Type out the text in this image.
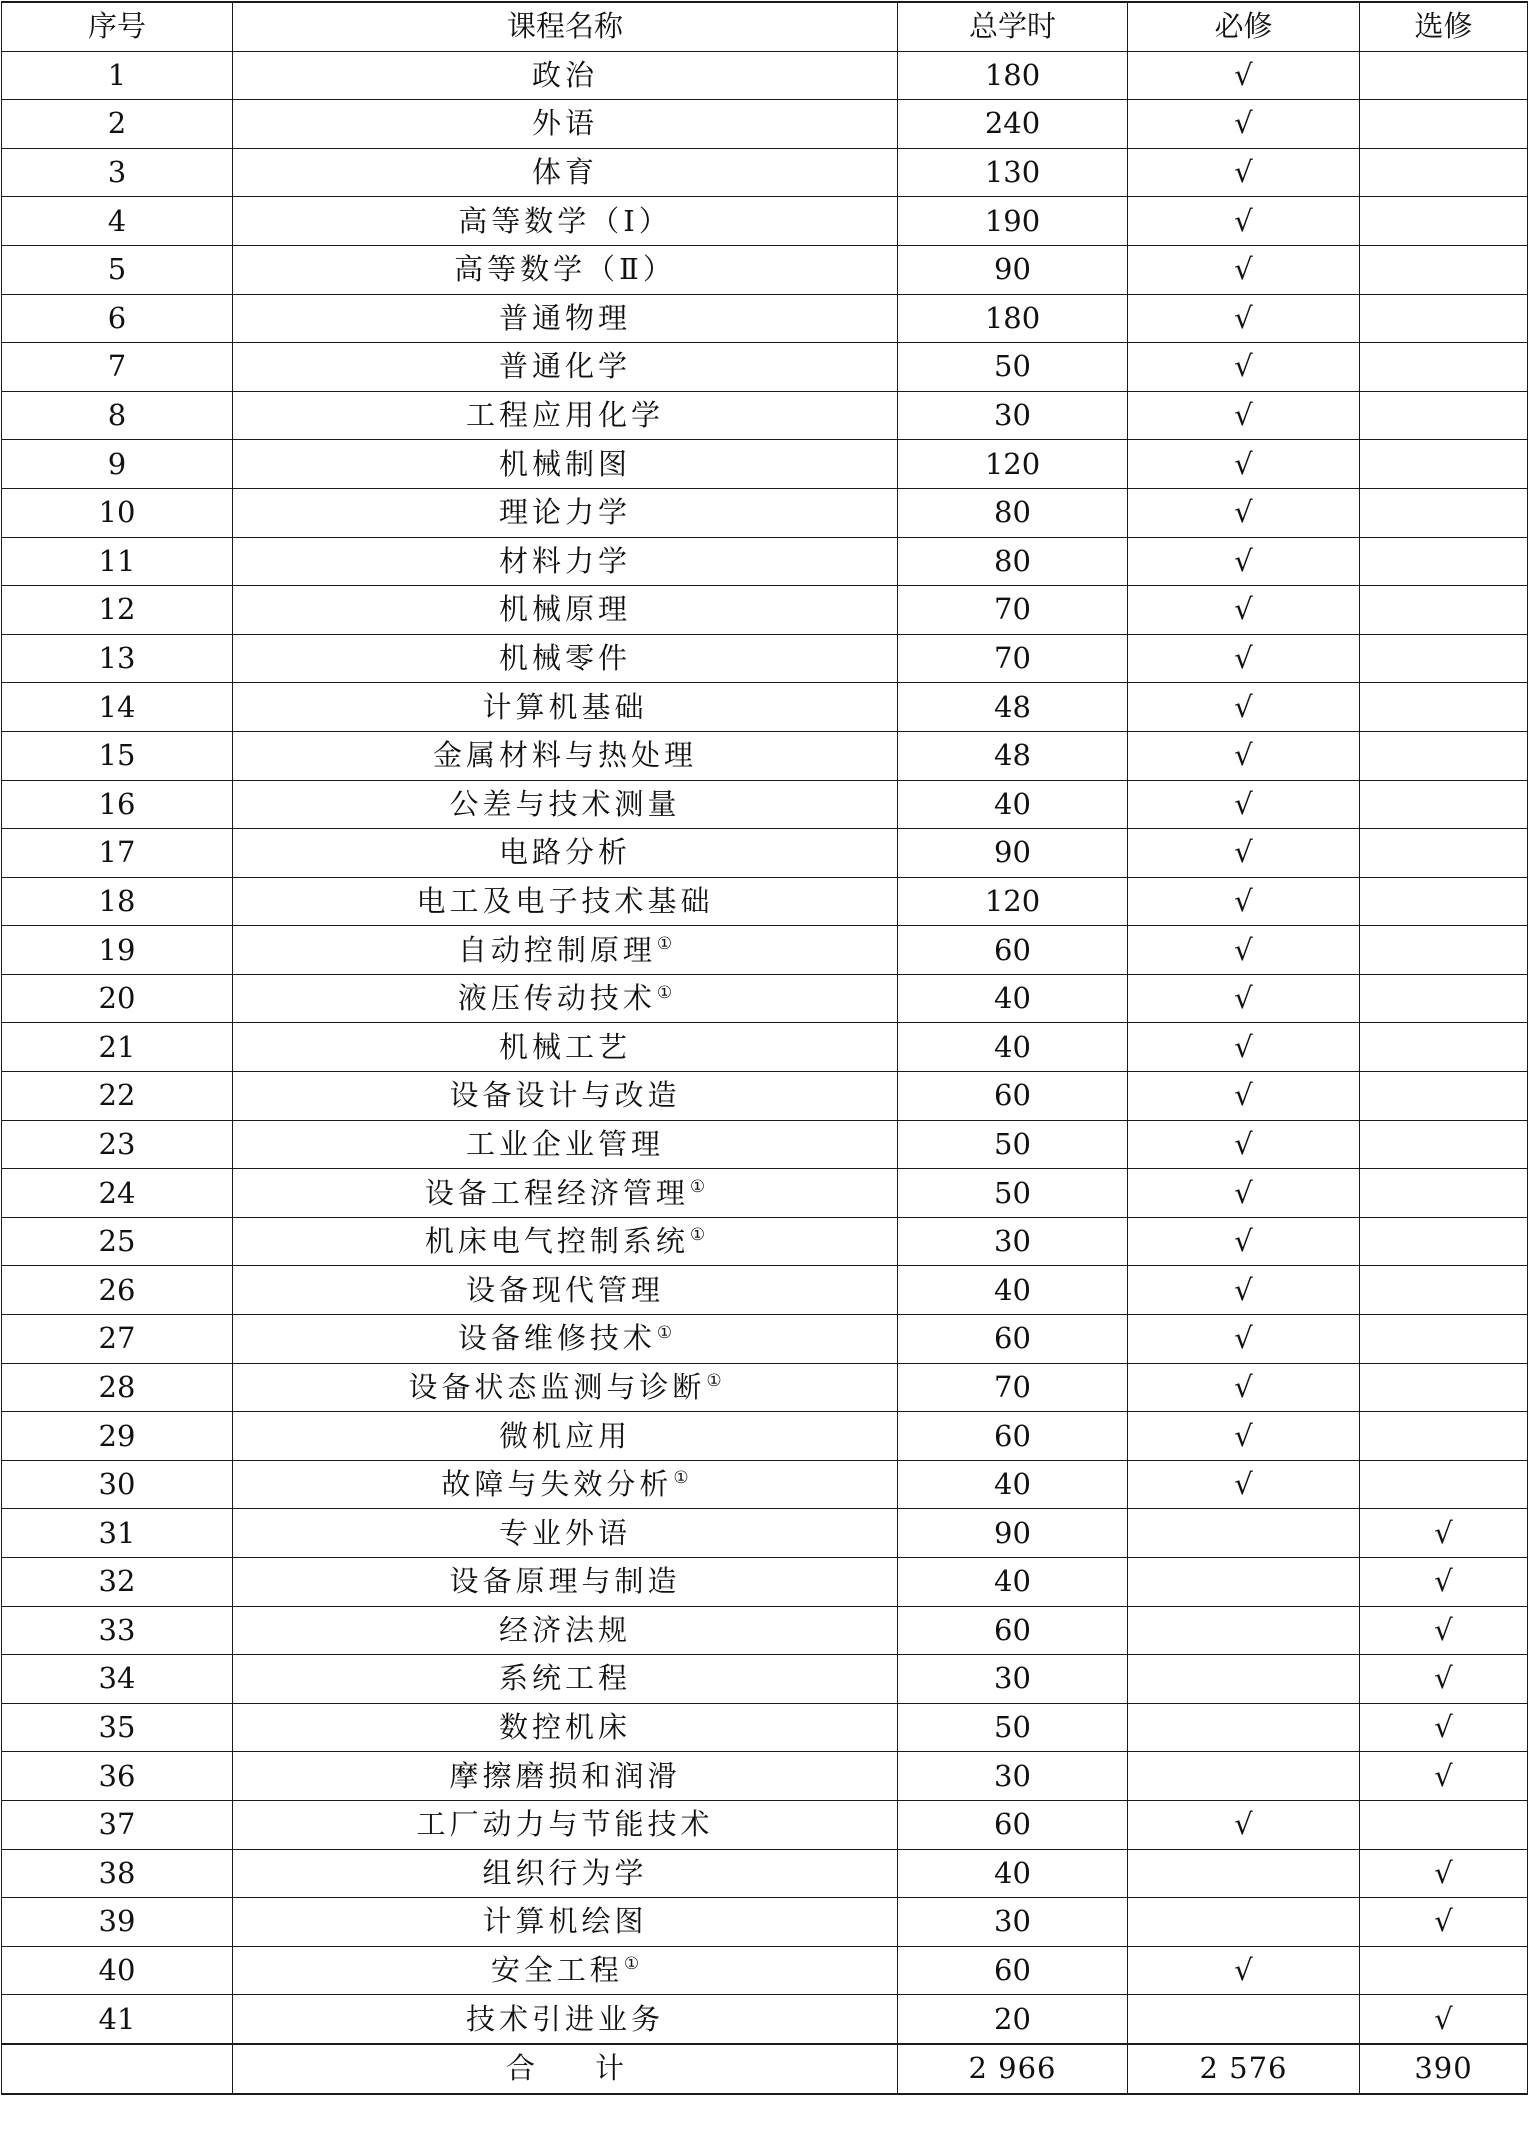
序号	课程名称	总学时	必修	选修
1	政治	180	√	
2	外语	240	√	
3	体育	130	√	
4	高等数学（Ⅰ）	190	√	
5	高等数学（Ⅱ）	90	√	
6	普通物理	180	√	
7	普通化学	50	√	
8	工程应用化学	30	√	
9	机械制图	120	√	
10	理论力学	80	√	
11	材料力学	80	√	
12	机械原理	70	√	
13	机械零件	70	√	
14	计算机基础	48	√	
15	金属材料与热处理	48	√	
16	公差与技术测量	40	√	
17	电路分析	90	√	
18	电工及电子技术基础	120	√	
19	自动控制原理①	60	√	
20	液压传动技术①	40	√	
21	机械工艺	40	√	
22	设备设计与改造	60	√	
23	工业企业管理	50	√	
24	设备工程经济管理①	50	√	
25	机床电气控制系统①	30	√	
26	设备现代管理	40	√	
27	设备维修技术①	60	√	
28	设备状态监测与诊断①	70	√	
29	微机应用	60	√	
30	故障与失效分析①	40	√	
31	专业外语	90		√
32	设备原理与制造	40		√
33	经济法规	60		√
34	系统工程	30		√
35	数控机床	50		√
36	摩擦磨损和润滑	30		√
37	工厂动力与节能技术	60	√	
38	组织行为学	40		√
39	计算机绘图	30		√
40	安全工程①	60	√	
41	技术引进业务	20		√
	合计	2 966	2 576	390
